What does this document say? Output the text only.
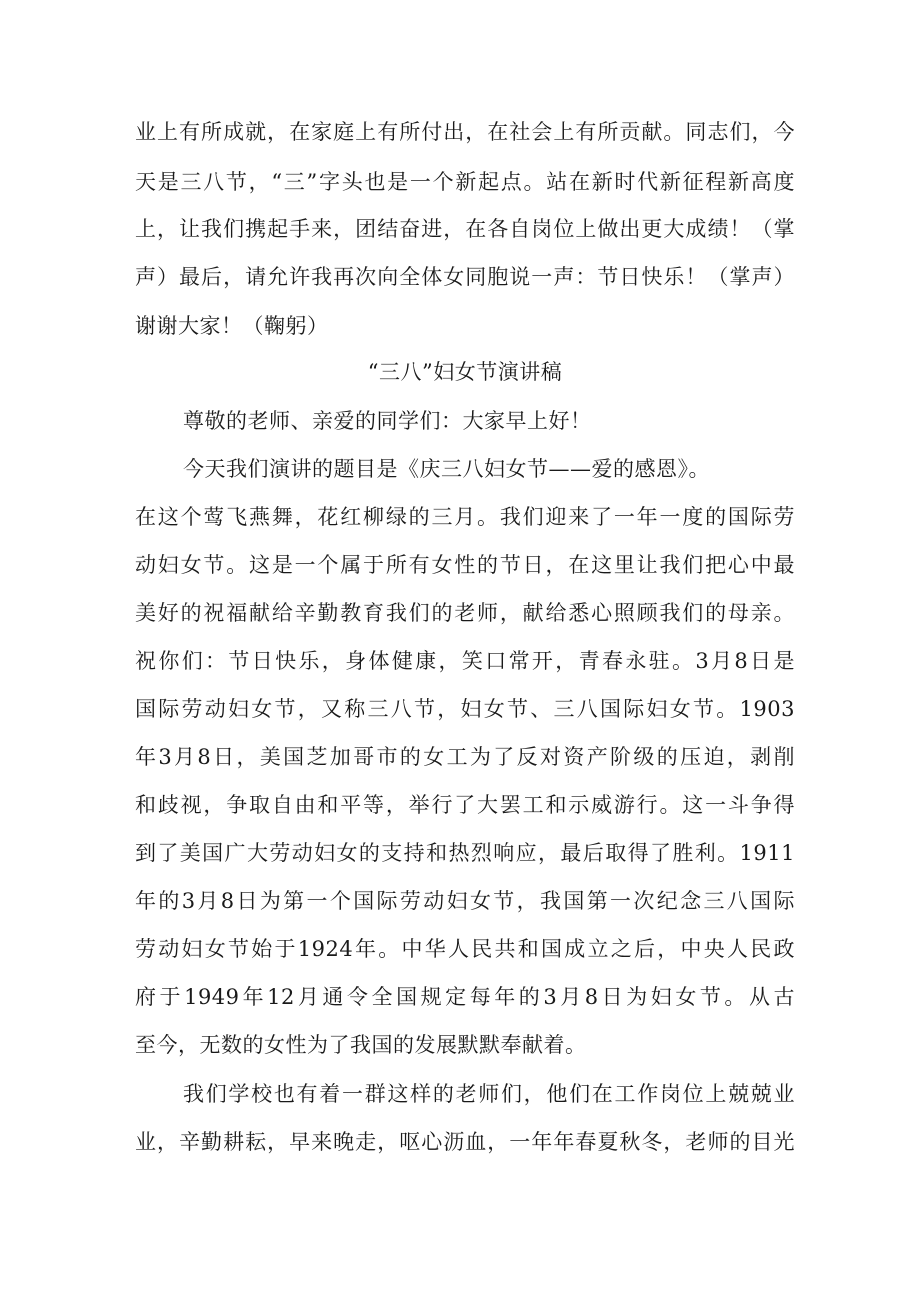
业上有所成就，在家庭上有所付出，在社会上有所贡献。同志们，今
天是三八节，“三”字头也是一个新起点。站在新时代新征程新高度
上，让我们携起手来，团结奋进，在各自岗位上做出更大成绩！（掌
声）最后，请允许我再次向全体女同胞说一声：节日快乐！（掌声）
谢谢大家！（鞠躬）
“三八”妇女节演讲稿
尊敬的老师、亲爱的同学们：大家早上好！
今天我们演讲的题目是《庆三八妇女节——爱的感恩》。
在这个莺飞燕舞，花红柳绿的三月。我们迎来了一年一度的国际劳
动妇女节。这是一个属于所有女性的节日，在这里让我们把心中最
美好的祝福献给辛勤教育我们的老师，献给悉心照顾我们的母亲。
祝你们：节日快乐，身体健康，笑口常开，青春永驻。3月8日是
国际劳动妇女节，又称三八节，妇女节、三八国际妇女节。1903
年3月8日，美国芝加哥市的女工为了反对资产阶级的压迫，剥削
和歧视，争取自由和平等，举行了大罢工和示威游行。这一斗争得
到了美国广大劳动妇女的支持和热烈响应，最后取得了胜利。1911
年的3月8日为第一个国际劳动妇女节，我国第一次纪念三八国际
劳动妇女节始于1924年。中华人民共和国成立之后，中央人民政
府于1949年12月通令全国规定每年的3月8日为妇女节。从古
至今，无数的女性为了我国的发展默默奉献着。
我们学校也有着一群这样的老师们，他们在工作岗位上兢兢业
业，辛勤耕耘，早来晚走，呕心沥血，一年年春夏秋冬，老师的目光
